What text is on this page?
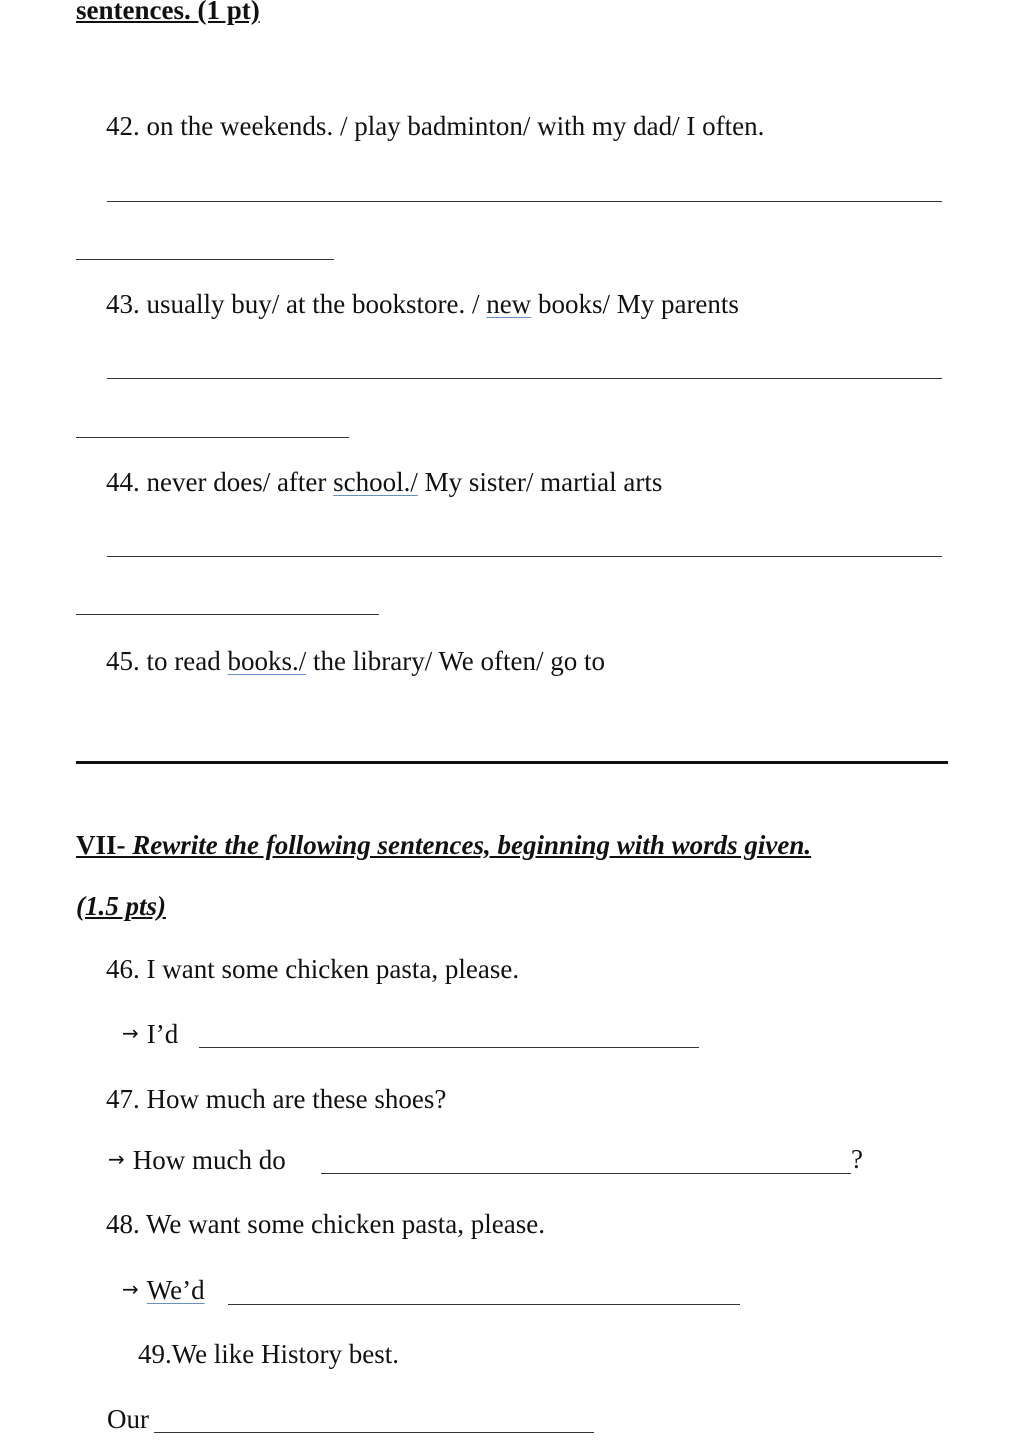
sentences. (1 pt)
42. on the weekends. / play badminton/ with my dad/ I often.
43. usually buy/ at the bookstore. / new books/ My parents
44. never does/ after school./ My sister/ martial arts
45. to read books./ the library/ We often/ go to
VII- Rewrite the following sentences, beginning with words given.
(1.5 pts)
46. I want some chicken pasta, please.
→ I’d
47. How much are these shoes?
→ How much do	?
48. We want some chicken pasta, please.
→ We’d
49.We like History best.
Our
